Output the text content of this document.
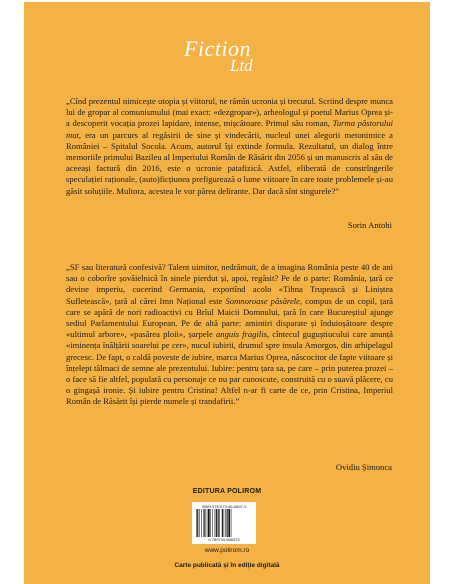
Fiction
Ltd

„Cînd prezentul nimicește utopia și viitorul, ne rămîn ucronia și trecutul. Scriind despre munca lui de gropar al comunismului (mai exact: «dezgropar»), arheologul și poetul Marius Oprea și-a descoperit vocația prozei lapidare, intense, mișcătoare. Primul său roman, Turma păstorului mut, era un parcurs al regăsirii de sine și vindecării, nucleul unei alegorii metonimice a României – Spitalul Socola. Acum, autorul își extinde formula. Rezultatul, un dialog între memoriile primului Bazileu al Imperiului Român de Răsărit din 2056 și un manuscris al său de aceeași factură din 2016, este o ucronie patafizică. Astfel, eliberată de constrîngerile speculației raționale, (auto)ficțiunea prefigurează o lume viitoare în care toate problemele și-au găsit soluțiile. Multora, acestea le vor părea delirante. Dar dacă sînt singurele?”

Sorin Antohi

„SF sau literatură confesivă? Talent uimitor, nedrămuit, de a imagina România peste 40 de ani sau o coborîre șovăielnică în sinele pierdut și, apoi, regăsit? Pe de o parte: România, țară ce devine imperiu, cucerind Germania, exportînd acolo «Tihna Trupească și Liniștea Sufletească», țară al cărei Imn Național este Somnoroase păsărele, compus de un copil, țară care se apără de nori radioactivi cu Brîul Maicii Domnului, țară în care Bucureștiul ajunge sediul Parlamentului European. Pe de altă parte: amintiri disparate și înduioșătoare despre «ultimul arbore», «pasărea ploii», șarpele anguis fragilis, cîntecul guguștiucului care anunță «iminența înălțării soarelui pe cer», nucul iubirii, drumul spre insula Amorgos, din arhipelagul grecesc. De fapt, o caldă poveste de iubire, marca Marius Oprea, născocitor de fapte viitoare și înțelept tălmaci de semne ale prezentului. Iubire: pentru țara sa, pe care – prin puterea prozei – o face să fie altfel, populată cu personaje ce nu par cunoscute, construită cu o suavă plăcere, cu o gingașă ironie. Și iubire pentru Cristina! Altfel n-ar fi carte de ce, prin Cristina, Imperiul Român de Răsărit își pierde numele și trandafirii.”

Ovidiu Șimonca
EDITURA POLIROM
ISBN 978-973-46-6697-3
9 789734 666973
www.polirom.ro
Carte publicată și în ediție digitală
